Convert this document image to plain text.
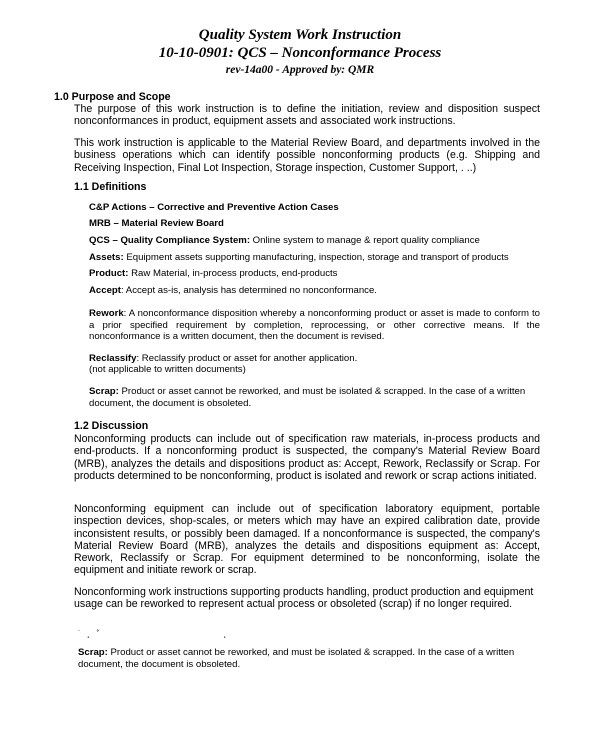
Quality System Work Instruction
10-10-0901: QCS – Nonconformance Process
rev-14a00 - Approved by: QMR
1.0 Purpose and Scope
The purpose of this work instruction is to define the initiation, review and disposition suspect nonconformances in product, equipment assets and associated work instructions.
This work instruction is applicable to the Material Review Board, and departments involved in the business operations which can identify possible nonconforming products (e.g. Shipping and Receiving Inspection, Final Lot Inspection, Storage inspection, Customer Support, . ..)
1.1 Definitions
C&P Actions – Corrective and Preventive Action Cases
MRB – Material Review Board
QCS – Quality Compliance System: Online system to manage & report quality compliance
Assets: Equipment assets supporting manufacturing, inspection, storage and transport of products
Product: Raw Material, in-process products, end-products
Accept: Accept as-is, analysis has determined no nonconformance.
Rework: A nonconformance disposition whereby a nonconforming product or asset is made to conform to a prior specified requirement by completion, reprocessing, or other corrective means. If the nonconformance is a written document, then the document is revised.
Reclassify: Reclassify product or asset for another application.
(not applicable to written documents)
Scrap: Product or asset cannot be reworked, and must be isolated & scrapped. In the case of a written document, the document is obsoleted.
1.2 Discussion
Nonconforming products can include out of specification raw materials, in-process products and end-products. If a nonconforming product is suspected, the company's Material Review Board (MRB), analyzes the details and dispositions product as: Accept, Rework, Reclassify or Scrap. For products determined to be nonconforming, product is isolated and rework or scrap actions initiated.
Nonconforming equipment can include out of specification laboratory equipment, portable inspection devices, shop-scales, or meters which may have an expired calibration date, provide inconsistent results, or possibly been damaged. If a nonconformance is suspected, the company's Material Review Board (MRB), analyzes the details and dispositions equipment as: Accept, Rework, Reclassify or Scrap. For equipment determined to be nonconforming, isolate the equipment and initiate rework or scrap.
Nonconforming work instructions supporting products handling, product production and equipment usage can be reworked to represent actual process or obsoleted (scrap) if no longer required.
˙   ˛   ˚                                                        ˛
Scrap: Product or asset cannot be reworked, and must be isolated & scrapped. In the case of a written document, the document is obsoleted.
